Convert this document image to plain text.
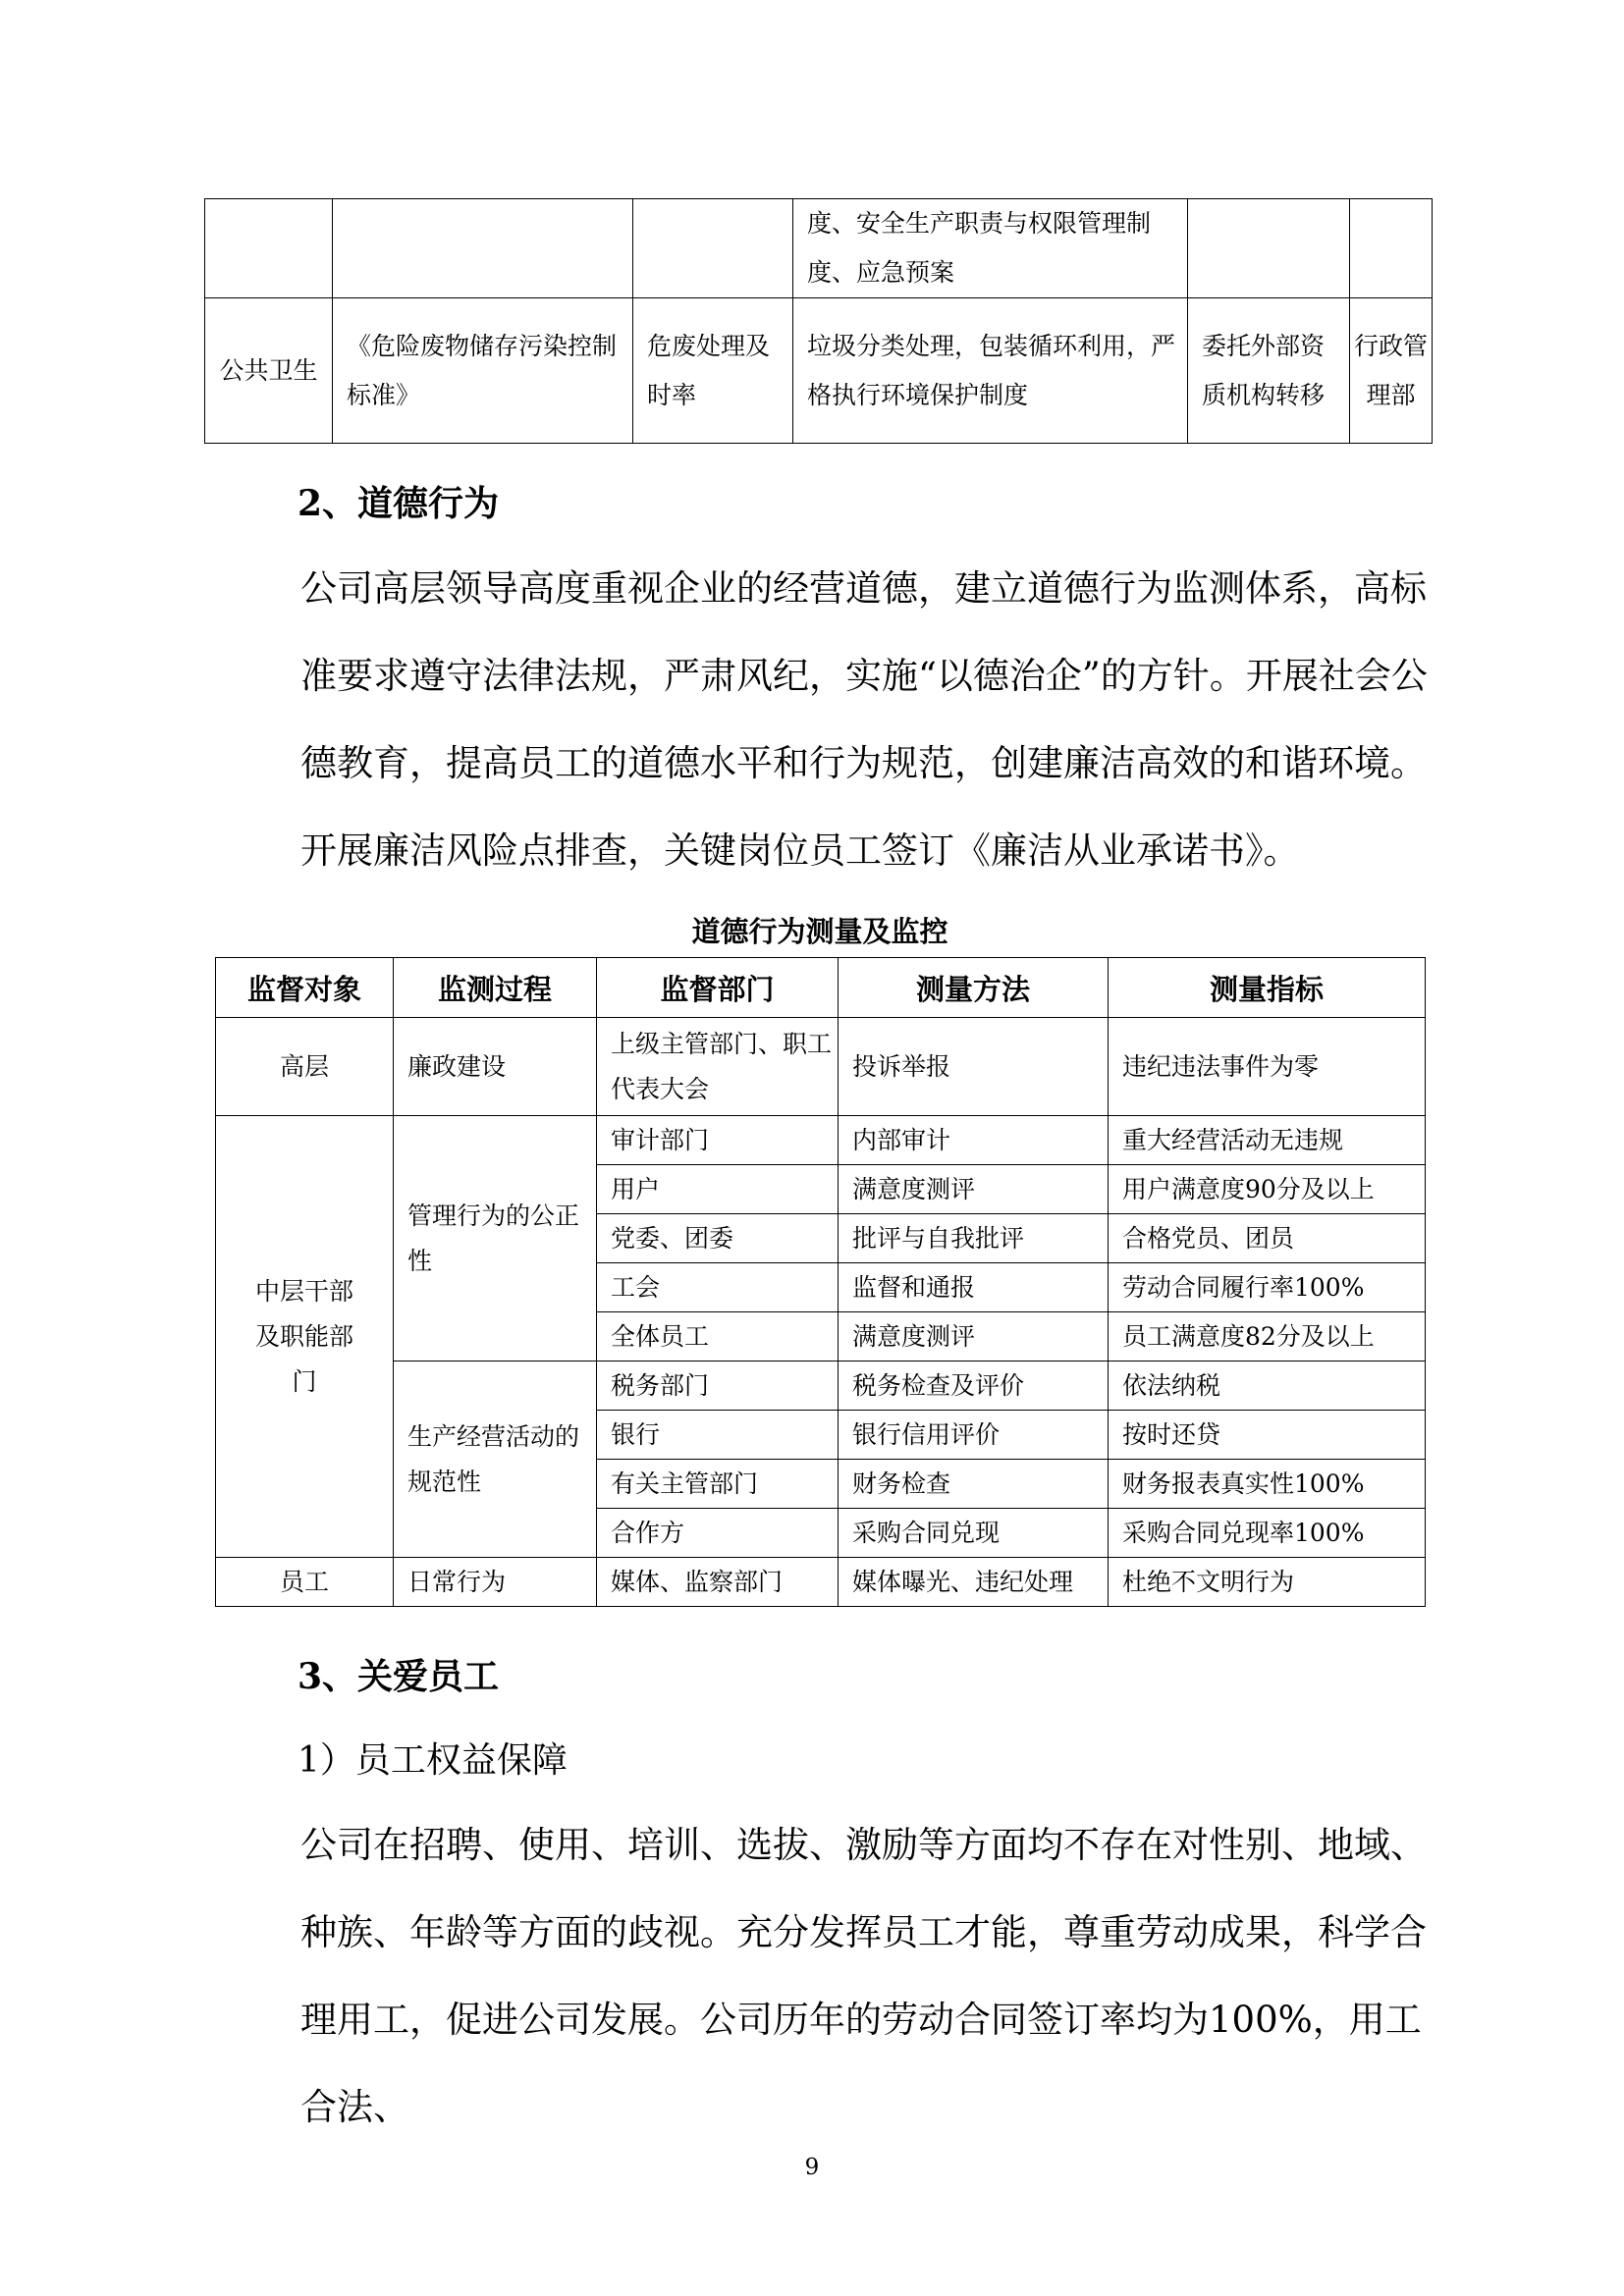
			度、安全生产职责与权限管理制度、应急预案		
公共卫生	《危险废物储存污染控制标准》	危废处理及时率	垃圾分类处理，包装循环利用，严格执行环境保护制度	委托外部资质机构转移	行政管理部
2、道德行为
公司高层领导高度重视企业的经营道德，建立道德行为监测体系，高标准要求遵守法律法规，严肃风纪，实施“以德治企”的方针。开展社会公德教育，提高员工的道德水平和行为规范，创建廉洁高效的和谐环境。开展廉洁风险点排查，关键岗位员工签订《廉洁从业承诺书》。
道德行为测量及监控
监督对象	监测过程	监督部门	测量方法	测量指标
高层	廉政建设	上级主管部门、职工代表大会	投诉举报	违纪违法事件为零
中层干部及职能部门	管理行为的公正性	审计部门	内部审计	重大经营活动无违规
		用户	满意度测评	用户满意度90分及以上
		党委、团委	批评与自我批评	合格党员、团员
		工会	监督和通报	劳动合同履行率100%
		全体员工	满意度测评	员工满意度82分及以上
	生产经营活动的规范性	税务部门	税务检查及评价	依法纳税
		银行	银行信用评价	按时还贷
		有关主管部门	财务检查	财务报表真实性100%
		合作方	采购合同兑现	采购合同兑现率100%
员工	日常行为	媒体、监察部门	媒体曝光、违纪处理	杜绝不文明行为
3、关爱员工
1）员工权益保障
公司在招聘、使用、培训、选拔、激励等方面均不存在对性别、地域、种族、年龄等方面的歧视。充分发挥员工才能，尊重劳动成果，科学合理用工，促进公司发展。公司历年的劳动合同签订率均为100%，用工合法、
9
